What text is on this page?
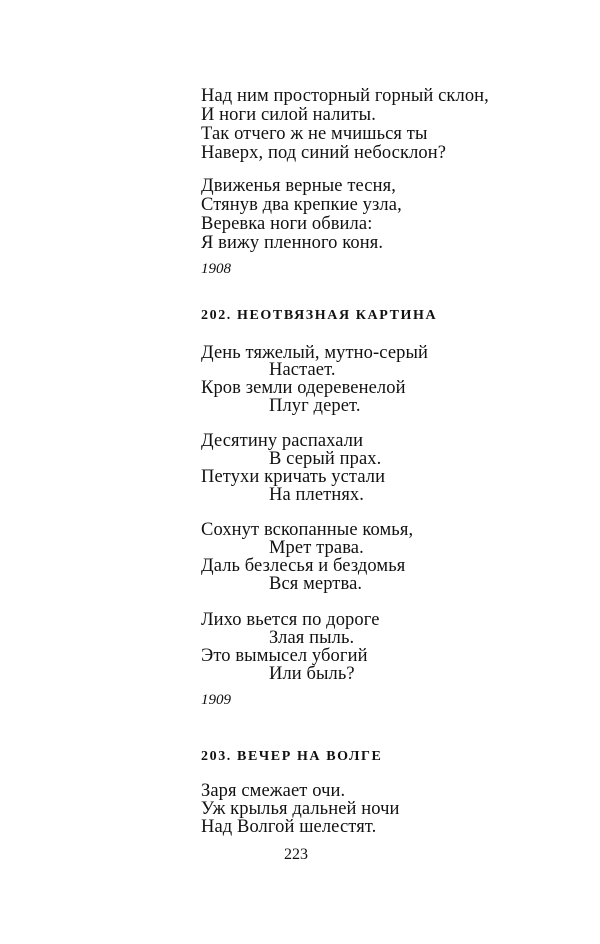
Над ним просторный горный склон,
И ноги силой налиты.
Так отчего ж не мчишься ты
Наверх, под синий небосклон?
Движенья верные тесня,
Стянув два крепкие узла,
Веревка ноги обвила:
Я вижу пленного коня.
1908
202. НЕОТВЯЗНАЯ КАРТИНА
День тяжелый, мутно-серый
Настает.
Кров земли одеревенелой
Плуг дерет.
Десятину распахали
В серый прах.
Петухи кричать устали
На плетнях.
Сохнут вскопанные комья,
Мрет трава.
Даль безлесья и бездомья
Вся мертва.
Лихо вьется по дороге
Злая пыль.
Это вымысел убогий
Или быль?
1909
203. ВЕЧЕР НА ВОЛГЕ
Заря смежает очи.
Уж крылья дальней ночи
Над Волгой шелестят.
223
